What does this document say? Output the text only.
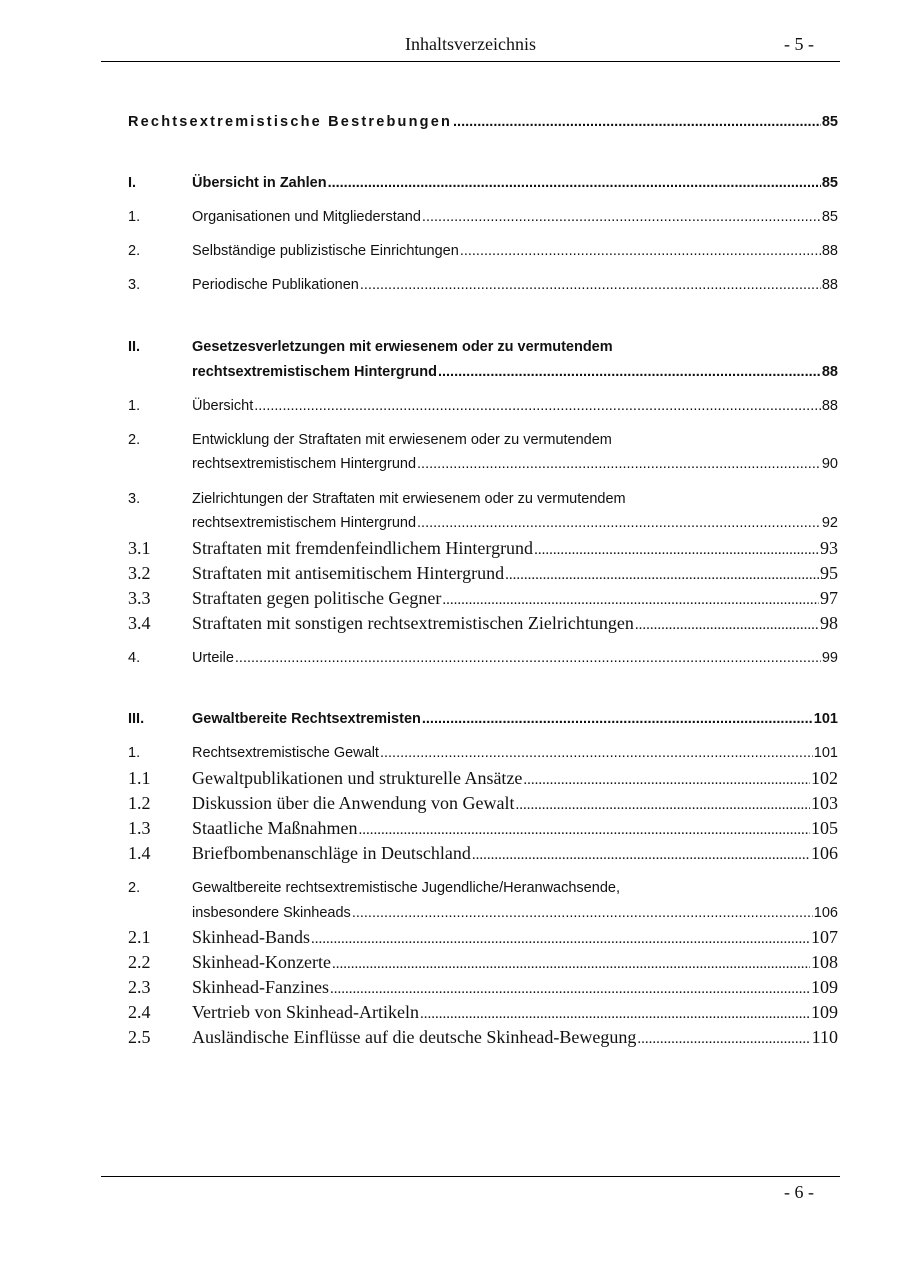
Inhaltsverzeichnis	- 5 -
Rechtsextremistische Bestrebungen .....	85
I.	Übersicht in Zahlen .....	85
1.	Organisationen und Mitgliederstand .....	85
2.	Selbständige publizistische Einrichtungen .....	88
3.	Periodische Publikationen .....	88
II.	Gesetzesverletzungen mit erwiesenem oder zu vermutendem
rechtsextremistischem Hintergrund .....	88
1.	Übersicht .....	88
2.	Entwicklung der Straftaten mit erwiesenem oder zu vermutendem
rechtsextremistischem Hintergrund .....	90
3.	Zielrichtungen der Straftaten mit erwiesenem oder zu vermutendem
rechtsextremistischem Hintergrund .....	92
3.1 Straftaten mit fremdenfeindlichem Hintergrund .....	93
3.2 Straftaten mit antisemitischem Hintergrund .....	95
3.3 Straftaten gegen politische Gegner .....	97
3.4 Straftaten mit sonstigen rechtsextremistischen Zielrichtungen .....	98
4.	Urteile .....	99
III.	Gewaltbereite Rechtsextremisten .....	101
1.	Rechtsextremistische Gewalt .....	101
1.1 Gewaltpublikationen und strukturelle Ansätze .....	102
1.2 Diskussion über die Anwendung von Gewalt .....	103
1.3 Staatliche Maßnahmen .....	105
1.4 Briefbombenanschläge in Deutschland .....	106
2.	Gewaltbereite rechtsextremistische Jugendliche/Heranwachsende,
insbesondere Skinheads .....	106
2.1 Skinhead-Bands .....	107
2.2 Skinhead-Konzerte .....	108
2.3 Skinhead-Fanzines .....	109
2.4 Vertrieb von Skinhead-Artikeln .....	109
2.5 Ausländische Einflüsse auf die deutsche Skinhead-Bewegung .....	110
- 6 -
